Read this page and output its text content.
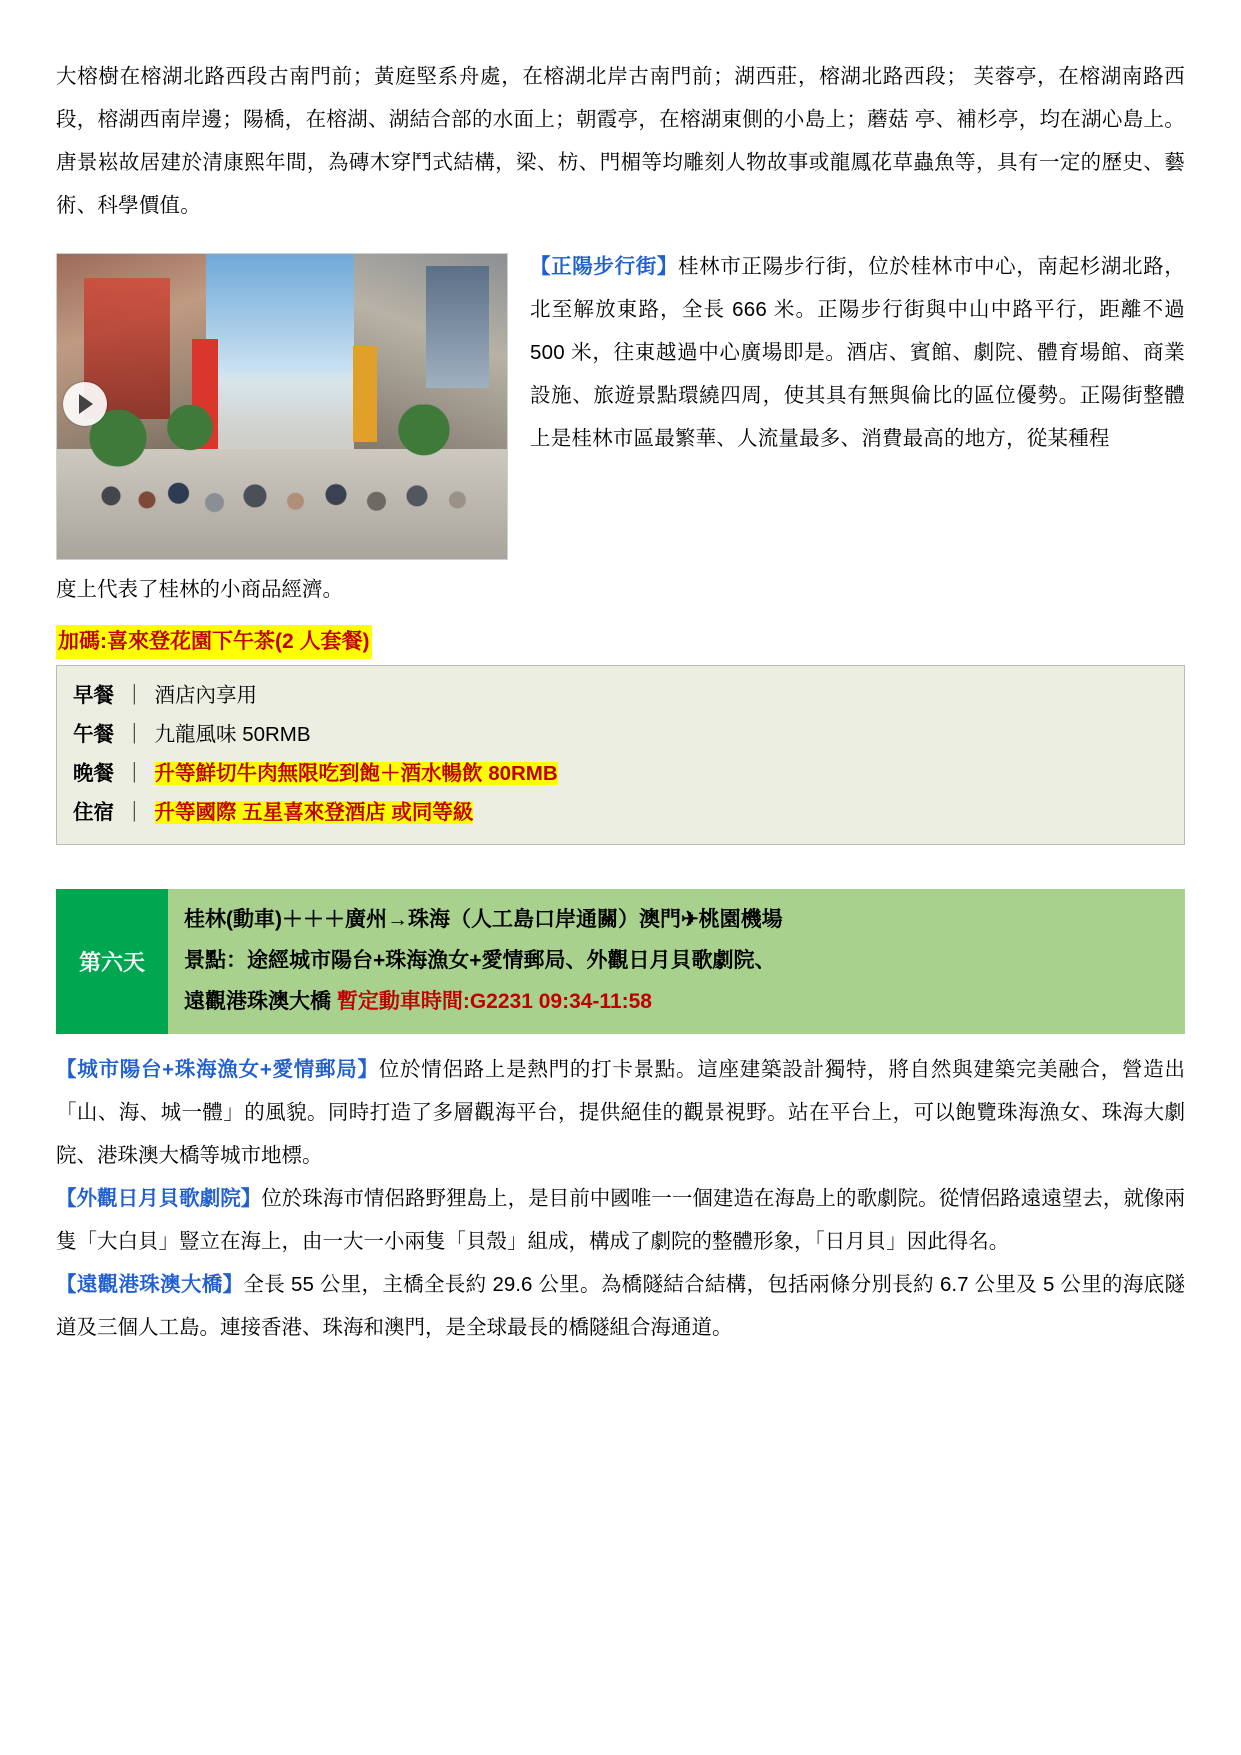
大榕樹在榕湖北路西段古南門前；黃庭堅系舟處，在榕湖北岸古南門前；湖西莊，榕湖北路西段； 芙蓉亭，在榕湖南路西段，榕湖西南岸邊；陽橋，在榕湖、湖結合部的水面上；朝霞亭，在榕湖東側的小島上；蘑菇 亭、補杉亭，均在湖心島上。唐景崧故居建於清康熙年間，為磚木穿鬥式結構，梁、枋、門楣等均雕刻人物故事或龍鳳花草蟲魚等，具有一定的歷史、藝術、科學價值。

【正陽步行街】桂林市正陽步行街，位於桂林市中心，南起杉湖北路，北至解放東路，全長 666 米。正陽步行街與中山中路平行，距離不過 500 米，往東越過中心廣場即是。酒店、賓館、劇院、體育場館、商業設施、旅遊景點環繞四周，使其具有無與倫比的區位優勢。正陽街整體上是桂林市區最繁華、人流量最多、消費最高的地方，從某種程

度上代表了桂林的小商品經濟。

加碼:喜來登花園下午茶(2 人套餐)
早餐 ｜ 酒店內享用
午餐 ｜ 九龍風味 50RMB
晚餐 ｜ 升等鮮切牛肉無限吃到飽＋酒水暢飲 80RMB
住宿 ｜ 升等國際 五星喜來登酒店 或同等級
第六天
桂林(動車)＋＋＋廣州→珠海（人工島口岸通關）澳門✈桃園機場
景點：途經城市陽台+珠海漁女+愛情郵局、外觀日月貝歌劇院、
遠觀港珠澳大橋 暫定動車時間:G2231 09:34-11:58

【城市陽台+珠海漁女+愛情郵局】位於情侶路上是熱門的打卡景點。這座建築設計獨特，將自然與建築完美融合，營造出「山、海、城一體」的風貌。同時打造了多層觀海平台，提供絕佳的觀景視野。站在平台上，可以飽覽珠海漁女、珠海大劇院、港珠澳大橋等城市地標。

【外觀日月貝歌劇院】位於珠海市情侶路野狸島上，是目前中國唯一一個建造在海島上的歌劇院。從情侶路遠遠望去，就像兩隻「大白貝」豎立在海上，由一大一小兩隻「貝殼」組成，構成了劇院的整體形象，「日月貝」因此得名。

【遠觀港珠澳大橋】全長 55 公里，主橋全長約 29.6 公里。為橋隧結合結構，包括兩條分別長約 6.7 公里及 5 公里的海底隧道及三個人工島。連接香港、珠海和澳門，是全球最長的橋隧組合海通道。
